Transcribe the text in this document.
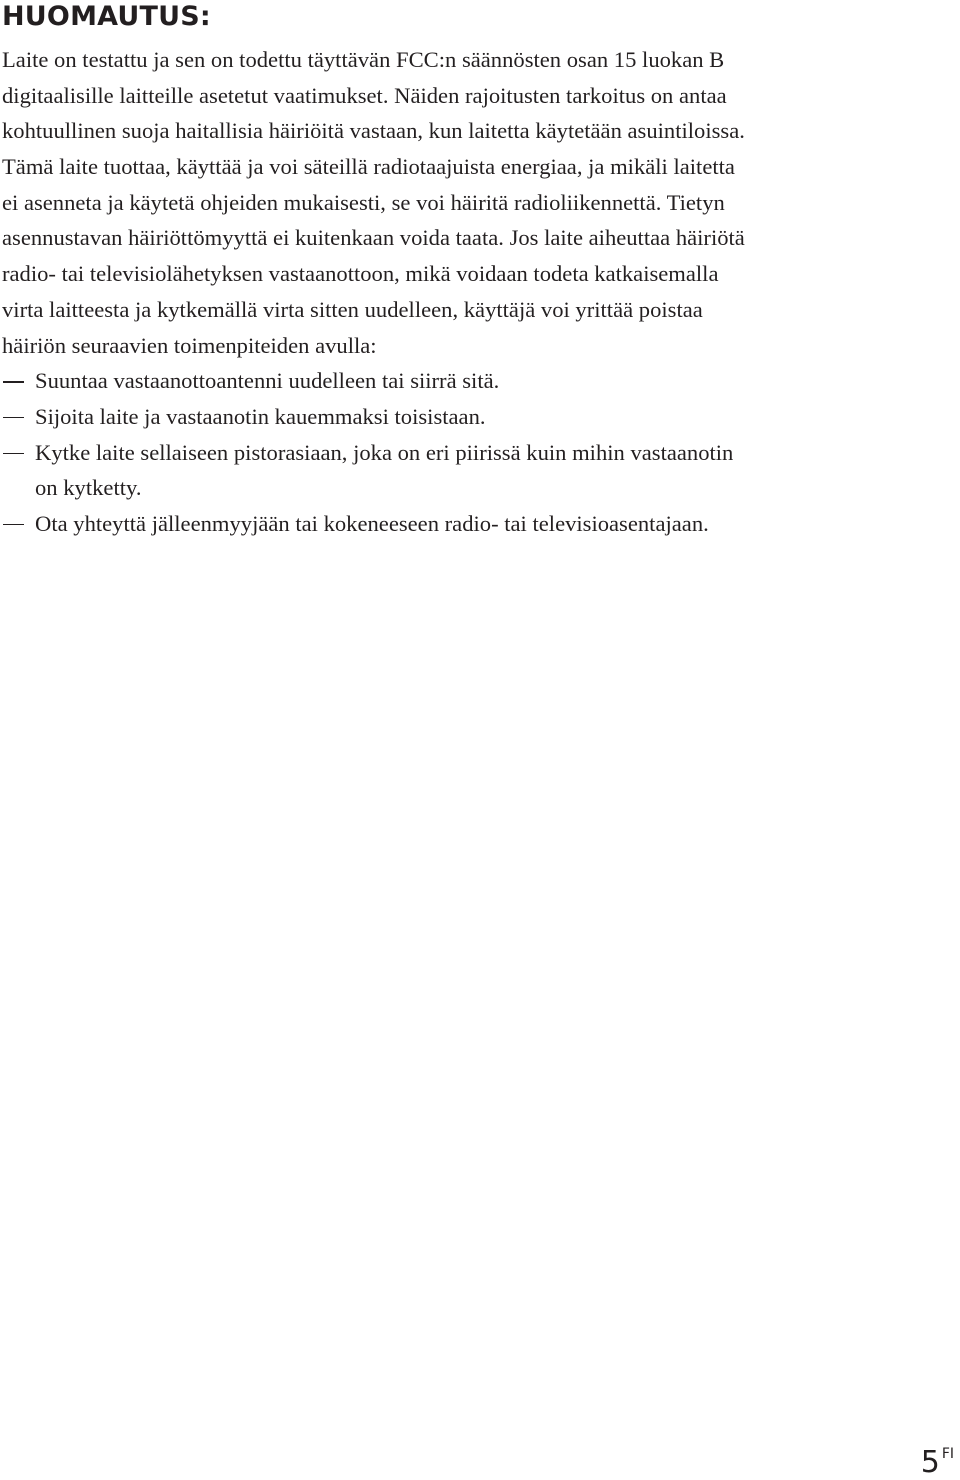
HUOMAUTUS:
Laite on testattu ja sen on todettu täyttävän FCC:n säännösten osan 15 luokan B
digitaalisille laitteille asetetut vaatimukset. Näiden rajoitusten tarkoitus on antaa
kohtuullinen suoja haitallisia häiriöitä vastaan, kun laitetta käytetään asuintiloissa.
Tämä laite tuottaa, käyttää ja voi säteillä radiotaajuista energiaa, ja mikäli laitetta
ei asenneta ja käytetä ohjeiden mukaisesti, se voi häiritä radioliikennettä. Tietyn
asennustavan häiriöttömyyttä ei kuitenkaan voida taata. Jos laite aiheuttaa häiriötä
radio- tai televisiolähetyksen vastaanottoon, mikä voidaan todeta katkaisemalla
virta laitteesta ja kytkemällä virta sitten uudelleen, käyttäjä voi yrittää poistaa
häiriön seuraavien toimenpiteiden avulla:
Suuntaa vastaanottoantenni uudelleen tai siirrä sitä.
Sijoita laite ja vastaanotin kauemmaksi toisistaan.
Kytke laite sellaiseen pistorasiaan, joka on eri piirissä kuin mihin vastaanotin
on kytketty.
Ota yhteyttä jälleenmyyjään tai kokeneeseen radio- tai televisioasentajaan.
5 FI
